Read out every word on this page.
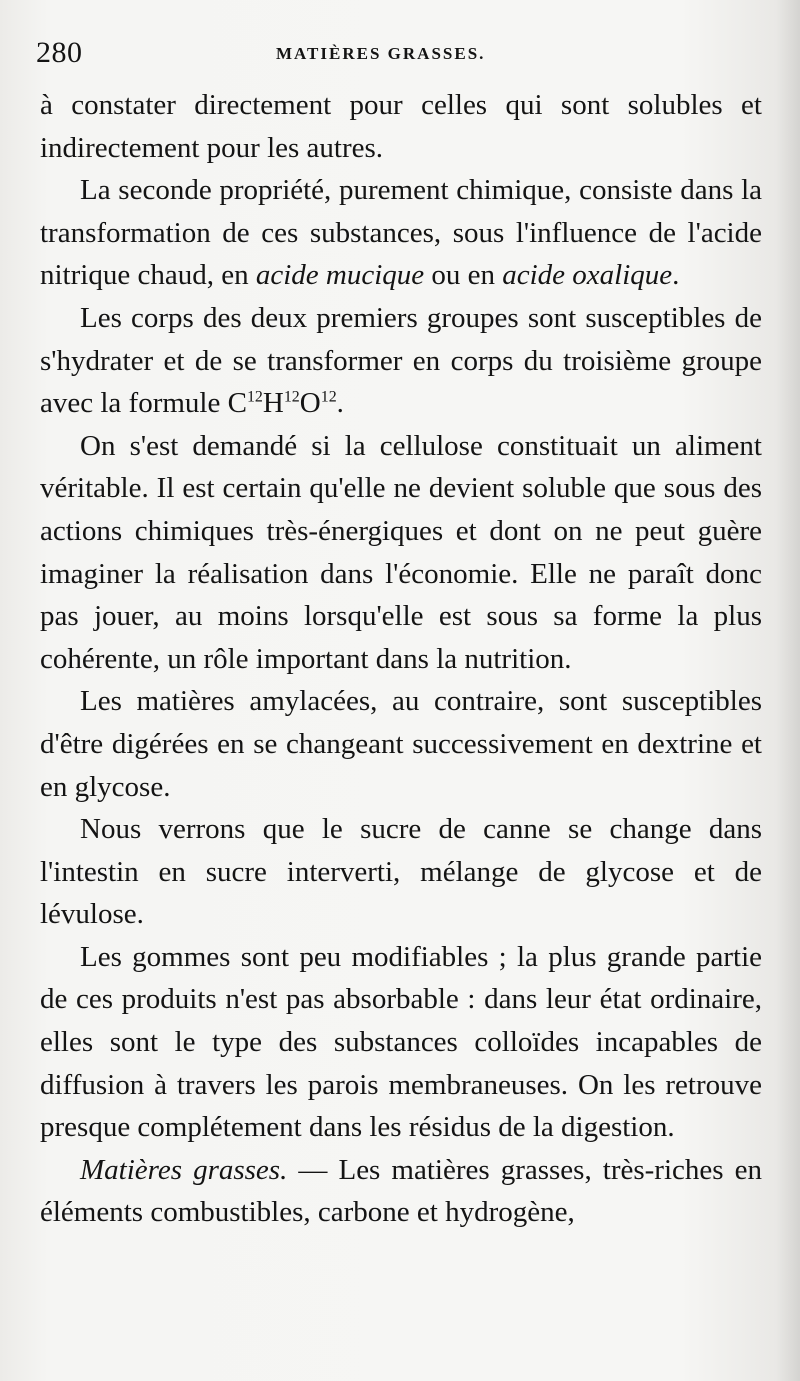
280	MATIÈRES GRASSES.

à constater directement pour celles qui sont solubles et indirectement pour les autres.

La seconde propriété, purement chimique, consiste dans la transformation de ces substances, sous l'influence de l'acide nitrique chaud, en acide mucique ou en acide oxalique.

Les corps des deux premiers groupes sont susceptibles de s'hydrater et de se transformer en corps du troisième groupe avec la formule $C^{12}H^{12}O^{12}$.

On s'est demandé si la cellulose constituait un aliment véritable. Il est certain qu'elle ne devient soluble que sous des actions chimiques très-énergiques et dont on ne peut guère imaginer la réalisation dans l'économie. Elle ne paraît donc pas jouer, au moins lorsqu'elle est sous sa forme la plus cohérente, un rôle important dans la nutrition.

Les matières amylacées, au contraire, sont susceptibles d'être digérées en se changeant successivement en dextrine et en glycose.

Nous verrons que le sucre de canne se change dans l'intestin en sucre interverti, mélange de glycose et de lévulose.

Les gommes sont peu modifiables ; la plus grande partie de ces produits n'est pas absorbable : dans leur état ordinaire, elles sont le type des substances colloïdes incapables de diffusion à travers les parois membraneuses. On les retrouve presque complétement dans les résidus de la digestion.

Matières grasses. — Les matières grasses, très-riches en éléments combustibles, carbone et hydrogène,
